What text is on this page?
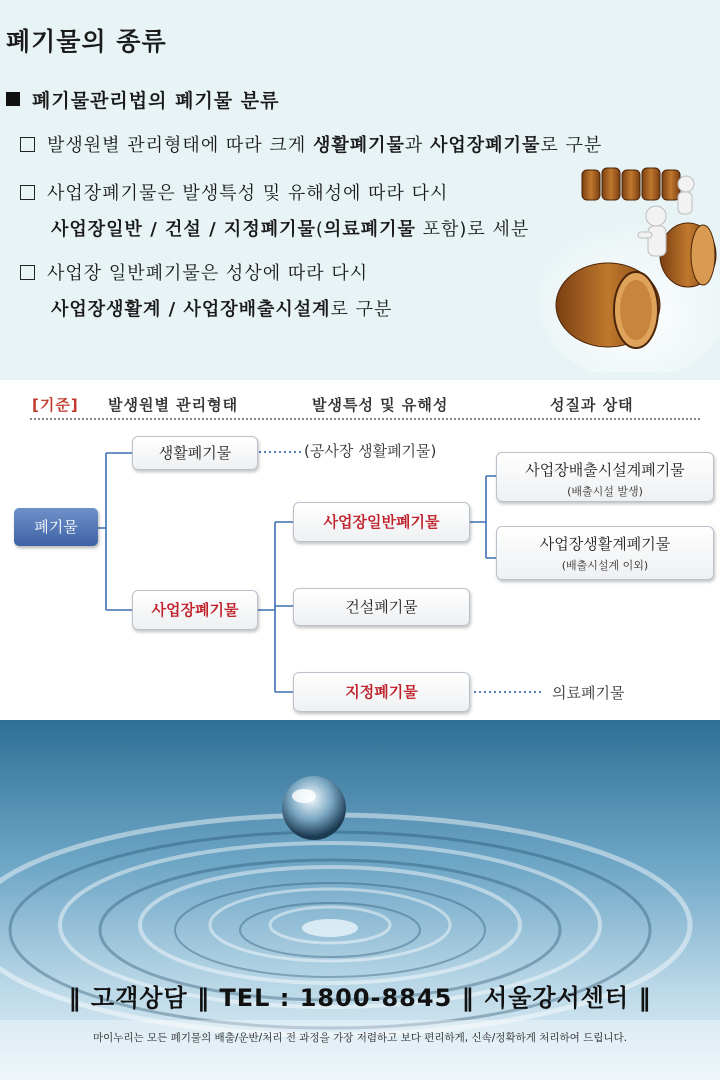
폐기물의 종류
폐기물관리법의 폐기물 분류
발생원별 관리형태에 따라 크게 생활폐기물과 사업장폐기물로 구분
사업장폐기물은 발생특성 및 유해성에 따라 다시
사업장일반 / 건설 / 지정폐기물(의료폐기물 포함)로 세분
사업장 일반폐기물은 성상에 따라 다시
사업장생활계 / 사업장배출시설계로 구분
[기준] 발생원별 관리형태	발생특성 및 유해성	성질과 상태
생활폐기물	(공사장 생활폐기물)
사업장폐기물
사업장일반폐기물
건설폐기물
지정폐기물	의료폐기물
사업장배출시설계폐기물
(배출시설 발생)
사업장생활계폐기물
(배출시설계 이외)
폐기물
‖ 고객상담 ‖ TEL : 1800-8845 ‖ 서울강서센터 ‖
마이누리는 모든 폐기물의 배출/운반/처리 전 과정을 가장 저렴하고 보다 편리하게, 신속/정확하게 처리하여 드립니다.
